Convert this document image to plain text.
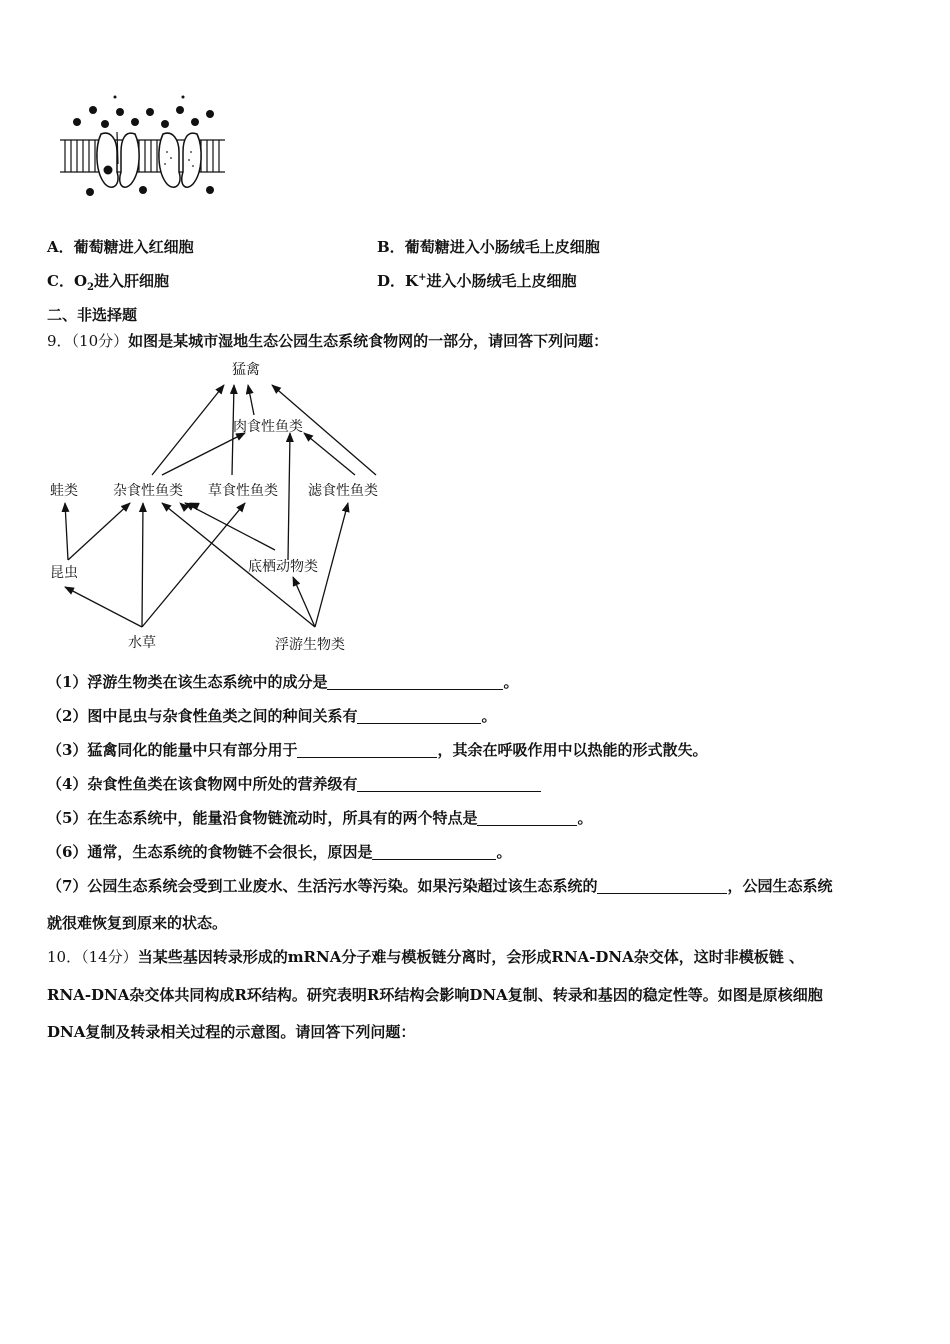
A．葡萄糖进入红细胞	B．葡萄糖进入小肠绒毛上皮细胞
C．$O_2$进入肝细胞	D．K+进入小肠绒毛上皮细胞
二、非选择题
9．（10分）如图是某城市湿地生态公园生态系统食物网的一部分，请回答下列问题：
猛禽
肉食性鱼类
蛙类	杂食性鱼类 草食性鱼类 滤食性鱼类
昆虫	底栖动物类
水草	浮游生物类
（1）浮游生物类在该生态系统中的成分是	。
（2）图中昆虫与杂食性鱼类之间的种间关系有	。
（3）猛禽同化的能量中只有部分用于	，其余在呼吸作用中以热能的形式散失。
（4）杂食性鱼类在该食物网中所处的营养级有
（5）在生态系统中，能量沿食物链流动时，所具有的两个特点是	。
（6）通常，生态系统的食物链不会很长，原因是	。
（7）公园生态系统会受到工业废水、生活污水等污染。如果污染超过该生态系统的	，公园生态系统
就很难恢复到原来的状态。
10．（14分）当某些基因转录形成的mRNA分子难与模板链分离时，会形成RNA-DNA杂交体，这时非模板链 、
RNA-DNA杂交体共同构成R环结构。研究表明R环结构会影响DNA复制、转录和基因的稳定性等。如图是原核细胞
DNA复制及转录相关过程的示意图。请回答下列问题：
